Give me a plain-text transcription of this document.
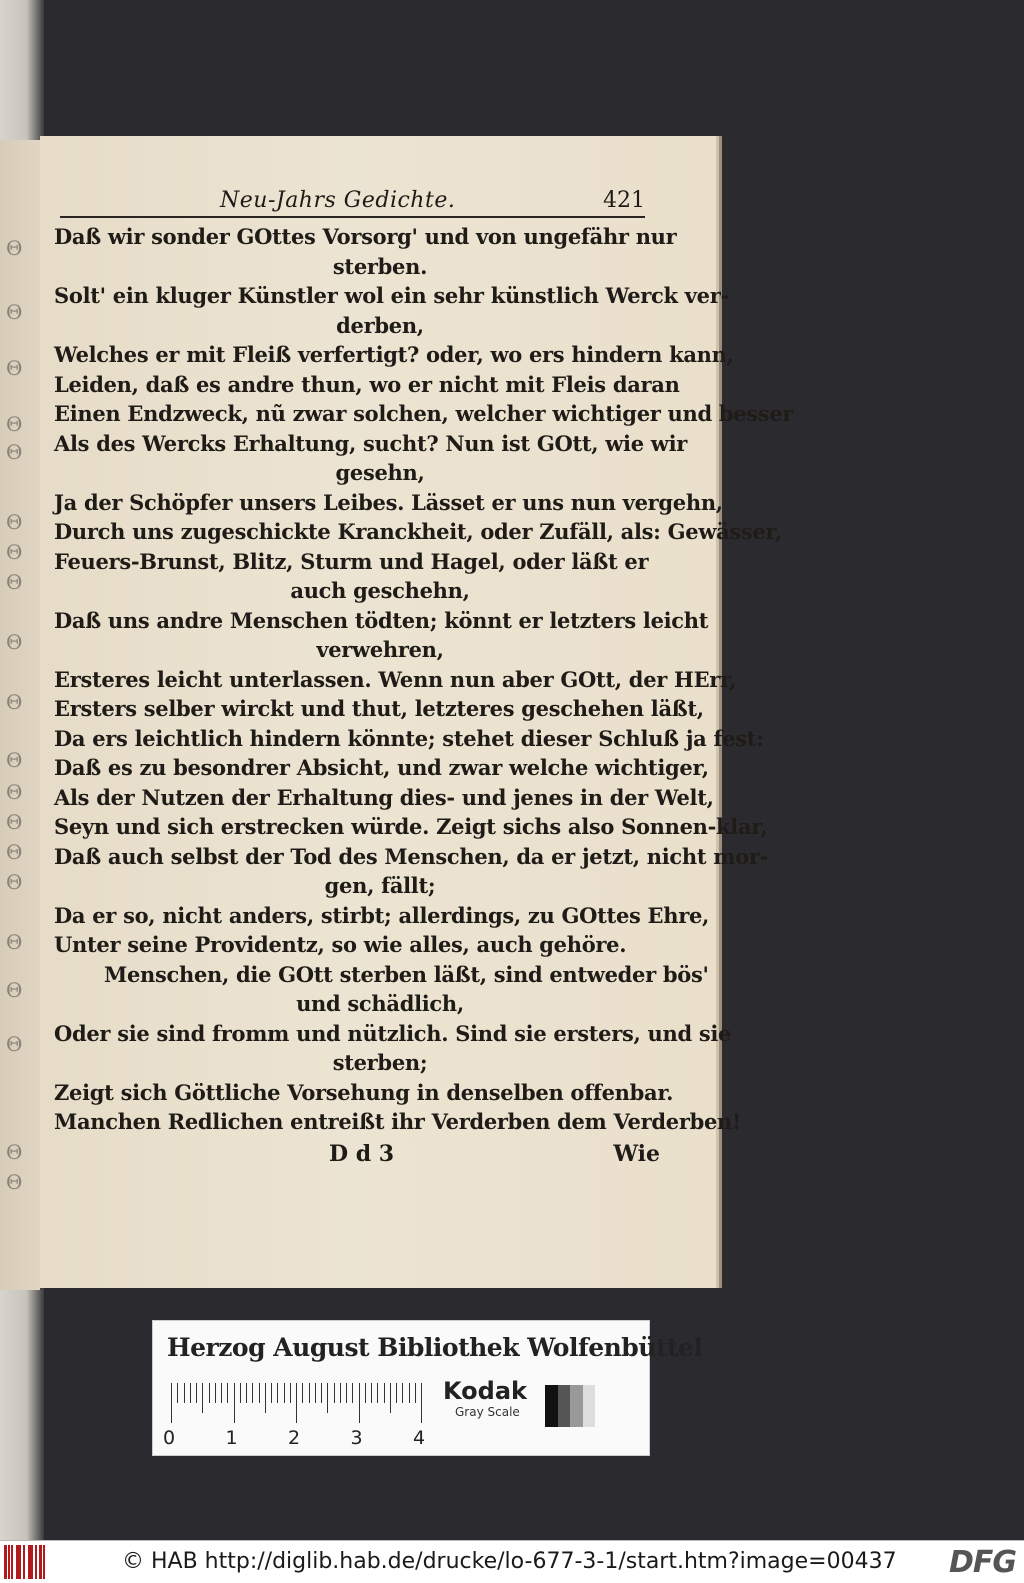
Θ
Θ
Θ
Θ
Θ
Θ
Θ
Θ
Θ
Θ
Θ
Θ
Θ
Θ
Θ
Θ
Θ
Θ
Θ
Θ
Neu-Jahrs Gedichte.	421
Daß wir sonder GOttes Vorsorg' und von ungefähr nur
sterben.
Solt' ein kluger Künstler wol ein sehr künstlich Werck ver-
derben,
Welches er mit Fleiß verfertigt? oder, wo ers hindern kann,
Leiden, daß es andre thun, wo er nicht mit Fleis daran
Einen Endzweck, nũ zwar solchen, welcher wichtiger und besser
Als des Wercks Erhaltung, sucht? Nun ist GOtt, wie wir
gesehn,
Ja der Schöpfer unsers Leibes. Lässet er uns nun vergehn,
Durch uns zugeschickte Kranckheit, oder Zufäll, als: Gewässer,
Feuers-Brunst, Blitz, Sturm und Hagel, oder läßt er
auch geschehn,
Daß uns andre Menschen tödten; könnt er letzters leicht
verwehren,
Ersteres leicht unterlassen. Wenn nun aber GOtt, der HErr,
Ersters selber wirckt und thut, letzteres geschehen läßt,
Da ers leichtlich hindern könnte; stehet dieser Schluß ja fest:
Daß es zu besondrer Absicht, und zwar welche wichtiger,
Als der Nutzen der Erhaltung dies- und jenes in der Welt,
Seyn und sich erstrecken würde. Zeigt sichs also Sonnen-klar,
Daß auch selbst der Tod des Menschen, da er jetzt, nicht mor-
gen, fällt;
Da er so, nicht anders, stirbt; allerdings, zu GOttes Ehre,
Unter seine Providentz, so wie alles, auch gehöre.
Menschen, die GOtt sterben läßt, sind entweder bös'
und schädlich,
Oder sie sind fromm und nützlich. Sind sie ersters, und sie
sterben;
Zeigt sich Göttliche Vorsehung in denselben offenbar.
Manchen Redlichen entreißt ihr Verderben dem Verderben!
D d 3	Wie
Herzog August Bibliothek Wolfenbüttel
0	1	2	3	4
Kodak
Gray Scale
© HAB http://diglib.hab.de/drucke/lo-677-3-1/start.htm?image=00437 DFG
